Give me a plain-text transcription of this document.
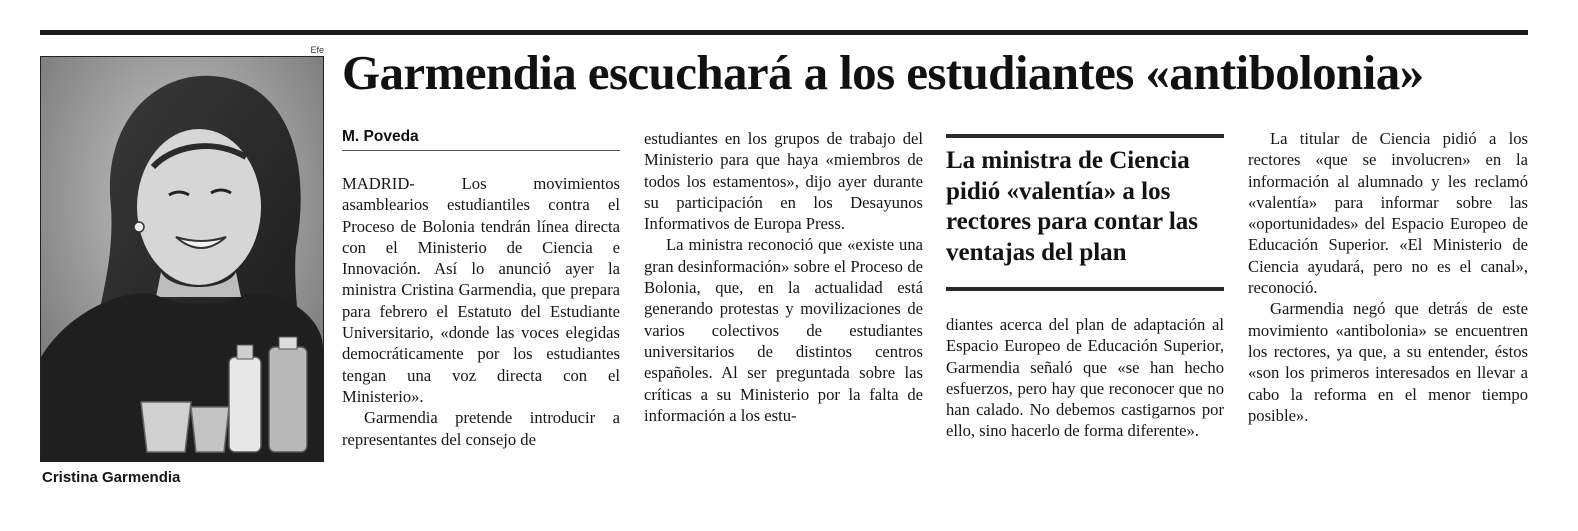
Efe
Cristina Garmendia
Garmendia escuchará a los estudiantes «antibolonia»
M. Poveda

MADRID- Los movimientos asamblearios estudiantiles contra el Proceso de Bolonia tendrán línea directa con el Ministerio de Ciencia e Innovación. Así lo anunció ayer la ministra Cristina Garmendia, que prepara para febrero el Estatuto del Estudiante Universitario, «donde las voces elegidas democráticamente por los estudiantes tengan una voz directa con el Ministerio».

Garmendia pretende introducir a representantes del consejo de

estudiantes en los grupos de trabajo del Ministerio para que haya «miembros de todos los estamentos», dijo ayer durante su participación en los Desayunos Informativos de Europa Press.

La ministra reconoció que «existe una gran desinformación» sobre el Proceso de Bolonia, que, en la actualidad está generando protestas y movilizaciones de varios colectivos de estudiantes universitarios de distintos centros españoles. Al ser preguntada sobre las críticas a su Ministerio por la falta de información a los estu-

La ministra de Ciencia pidió «valentía» a los rectores para contar las ventajas del plan

diantes acerca del plan de adaptación al Espacio Europeo de Educación Superior, Garmendia señaló que «se han hecho esfuerzos, pero hay que reconocer que no han calado. No debemos castigarnos por ello, sino hacerlo de forma diferente».

La titular de Ciencia pidió a los rectores «que se involucren» en la información al alumnado y les reclamó «valentía» para informar sobre las «oportunidades» del Espacio Europeo de Educación Superior. «El Ministerio de Ciencia ayudará, pero no es el canal», reconoció.

Garmendia negó que detrás de este movimiento «antibolonia» se encuentren los rectores, ya que, a su entender, éstos «son los primeros interesados en llevar a cabo la reforma en el menor tiempo posible».
